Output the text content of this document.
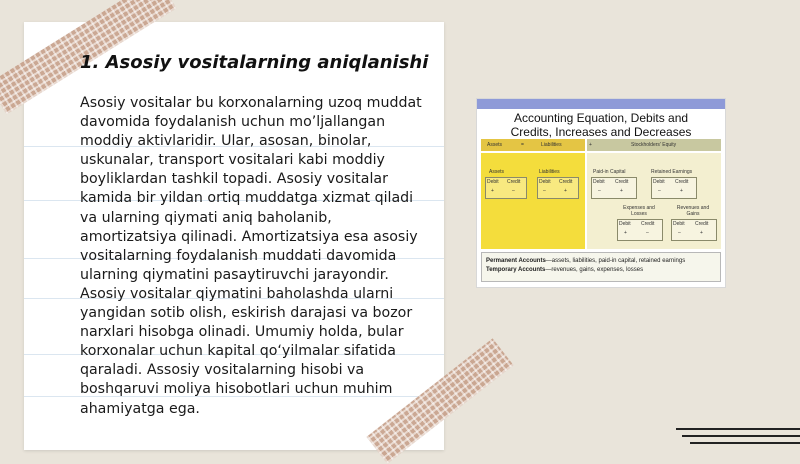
1. Asosiy vositalarning aniqlanishi
Asosiy vositalar bu korxonalarning uzoq muddat davomida foydalanish uchun mo’ljallangan moddiy aktivlaridir. Ular, asosan, binolar, uskunalar, transport vositalari kabi moddiy boyliklardan tashkil topadi. Asosiy vositalar kamida bir yildan ortiq muddatga xizmat qiladi va ularning qiymati aniq baholanib, amortizatsiya qilinadi. Amortizatsiya esa asosiy vositalarning foydalanish muddati davomida ularning qiymatini pasaytiruvchi jarayondir. Asosiy vositalar qiymatini baholashda ularni yangidan sotib olish, eskirish darajasi va bozor narxlari hisobga olinadi. Umumiy holda, bular korxonalar uchun kapital qo‘yilmalar sifatida qaraladi. Assosiy vositalarning hisobi va boshqaruvi moliya hisobotlari uchun muhim ahamiyatga ega.
Accounting Equation, Debits and
Credits, Increases and Decreases
Assets	=	Liabilities	+	Stockholders' Equity
Assets	Liabilities
Debit Credit
+	–
Debit Credit
–	+
Paid-in Capital	Retained Earnings
Debit Credit
–	+
Debit Credit
–	+
Expenses and Losses
Revenues and Gains
Debit Credit
+	–
Debit Credit
–	+
Permanent Accounts—assets, liabilities, paid-in capital, retained earnings
Temporary Accounts—revenues, gains, expenses, losses
